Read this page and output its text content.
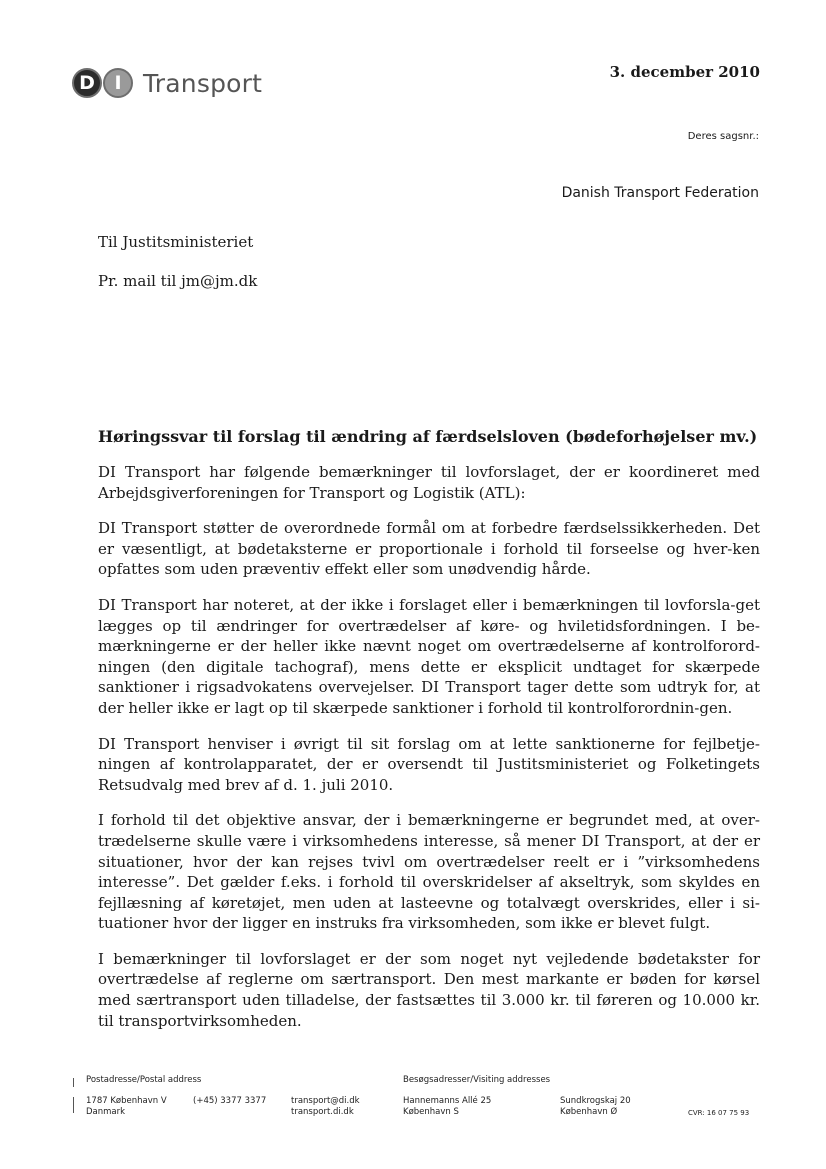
D	I Transport	3. december 2010
Deres sagsnr.:
Danish Transport Federation
Til Justitsministeriet
Pr. mail til jm@jm.dk
Høringssvar til forslag til ændring af færdselsloven (bødeforhøjelser mv.)

DI Transport har følgende bemærkninger til lovforslaget, der er koordineret med Arbejdsgiverforeningen for Transport og Logistik (ATL):

DI Transport støtter de overordnede formål om at forbedre færdselssikkerheden. Det er væsentligt, at bødetaksterne er proportionale i forhold til forseelse og hver-ken opfattes som uden præventiv effekt eller som unødvendig hårde.

DI Transport har noteret, at der ikke i forslaget eller i bemærkningen til lovforsla-get lægges op til ændringer for overtrædelser af køre- og hviletidsfordningen. I be-mærkningerne er der heller ikke nævnt noget om overtrædelserne af kontrolforord-ningen (den digitale tachograf), mens dette er eksplicit undtaget for skærpede sanktioner i rigsadvokatens overvejelser. DI Transport tager dette som udtryk for, at der heller ikke er lagt op til skærpede sanktioner i forhold til kontrolforordnin-gen.

DI Transport henviser i øvrigt til sit forslag om at lette sanktionerne for fejlbetje-ningen af kontrolapparatet, der er oversendt til Justitsministeriet og Folketingets Retsudvalg med brev af d. 1. juli 2010.

I forhold til det objektive ansvar, der i bemærkningerne er begrundet med, at over-trædelserne skulle være i virksomhedens interesse, så mener DI Transport, at der er situationer, hvor der kan rejses tvivl om overtrædelser reelt er i ”virksomhedens interesse”. Det gælder f.eks. i forhold til overskridelser af akseltryk, som skyldes en fejllæsning af køretøjet, men uden at lasteevne og totalvægt overskrides, eller i si-tuationer hvor der ligger en instruks fra virksomheden, som ikke er blevet fulgt.

I bemærkninger til lovforslaget er der som noget nyt vejledende bødetakster for overtrædelse af reglerne om særtransport. Den mest markante er bøden for kørsel med særtransport uden tilladelse, der fastsættes til 3.000 kr. til føreren og 10.000 kr. til transportvirksomheden.

Postadresse/Postal address	Besøgsadresser/Visiting addresses
1787 København V
Danmark
(+45) 3377 3377	transport@di.dk
transport.di.dk
Hannemanns Allé 25
København S
Sundkrogskaj 20
København Ø	CVR: 16 07 75 93
